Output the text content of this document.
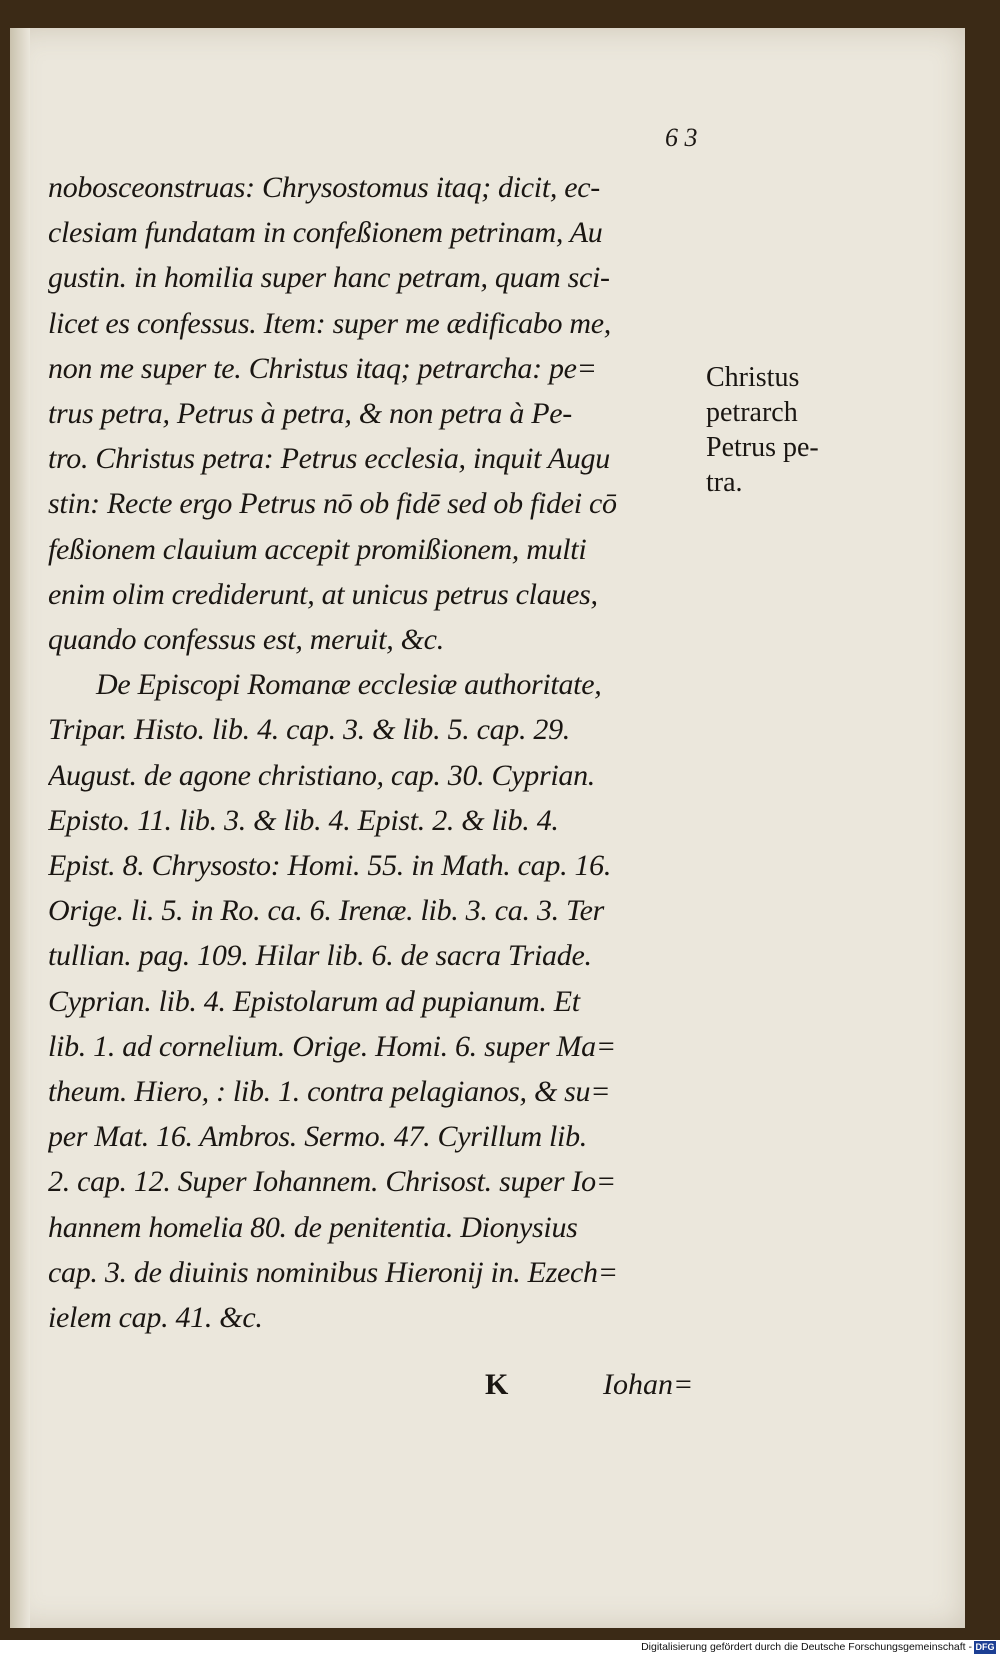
6 3
nobosceonstruas: Chrysostomus itaq; dicit, ec-
clesiam fundatam in confeßionem petrinam, Au
gustin. in homilia super hanc petram, quam sci-
licet es confessus. Item: super me ædificabo me,
non me super te. Christus itaq; petrarcha: pe=
trus petra, Petrus à petra, & non petra à Pe-
tro. Christus petra: Petrus ecclesia, inquit Augu
stin: Recte ergo Petrus nō ob fidē sed ob fidei cō
feßionem clauium accepit promißionem, multi
enim olim crediderunt, at unicus petrus claues,
quando confessus est, meruit, &c.
De Episcopi Romanæ ecclesiæ authoritate,
Tripar. Histo. lib. 4. cap. 3. & lib. 5. cap. 29.
August. de agone christiano, cap. 30. Cyprian.
Episto. 11. lib. 3. & lib. 4. Epist. 2. & lib. 4.
Epist. 8. Chrysosto: Homi. 55. in Math. cap. 16.
Orige. li. 5. in Ro. ca. 6. Irenæ. lib. 3. ca. 3. Ter
tullian. pag. 109. Hilar lib. 6. de sacra Triade.
Cyprian. lib. 4. Epistolarum ad pupianum. Et
lib. 1. ad cornelium. Orige. Homi. 6. super Ma=
theum. Hiero, : lib. 1. contra pelagianos, & su=
per Mat. 16. Ambros. Sermo. 47. Cyrillum lib.
2. cap. 12. Super Iohannem. Chrisost. super Io=
hannem homelia 80. de penitentia. Dionysius
cap. 3. de diuinis nominibus Hieronij in. Ezech=
ielem cap. 41. &c.
Christus
petrarch
Petrus pe-
tra.
K	Iohan=
Digitalisierung gefördert durch die Deutsche Forschungsgemeinschaft - DFG
